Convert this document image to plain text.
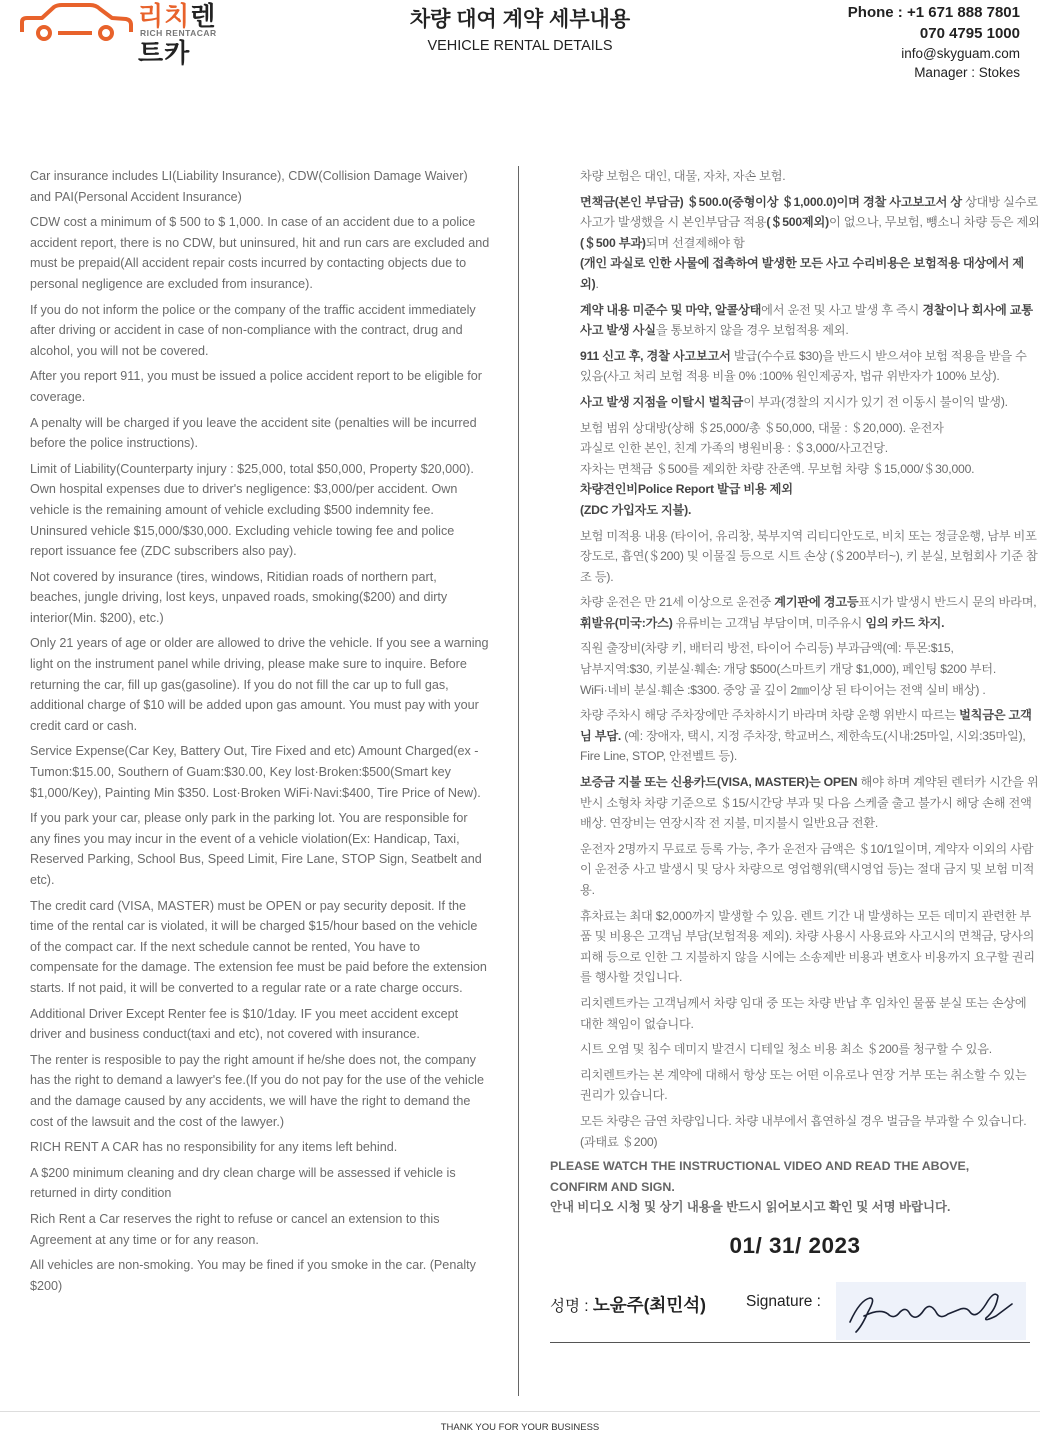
리치렌트카
RICH RENTACAR
차량 대여 계약 세부내용
VEHICLE RENTAL DETAILS
Phone : +1 671 888 7801
070 4795 1000
info@skyguam.com
Manager : Stokes

Car insurance includes LI(Liability Insurance), CDW(Collision Damage Waiver) and PAI(Personal Accident Insurance)

CDW cost a minimum of $ 500 to $ 1,000. In case of an accident due to a police accident report, there is no CDW, but uninsured, hit and run cars are excluded and must be prepaid(All accident repair costs incurred by contacting objects due to personal negligence are excluded from insurance).

If you do not inform the police or the company of the traffic accident immediately after driving or accident in case of non-compliance with the contract, drug and alcohol, you will not be covered.

After you report 911, you must be issued a police accident report to be eligible for coverage.

A penalty will be charged if you leave the accident site (penalties will be incurred before the police instructions).

Limit of Liability(Counterparty injury : $25,000, total $50,000, Property $20,000). Own hospital expenses due to driver's negligence: $3,000/per accident. Own vehicle is the remaining amount of vehicle excluding $500 indemnity fee. Uninsured vehicle $15,000/$30,000. Excluding vehicle towing fee and police report issuance fee (ZDC subscribers also pay).

Not covered by insurance (tires, windows, Ritidian roads of northern part, beaches, jungle driving, lost keys, unpaved roads, smoking($200) and dirty interior(Min. $200), etc.)

Only 21 years of age or older are allowed to drive the vehicle. If you see a warning light on the instrument panel while driving, please make sure to inquire. Before returning the car, fill up gas(gasoline). If you do not fill the car up to full gas, additional charge of $10 will be added upon gas amount. You must pay with your credit card or cash.

Service Expense(Car Key, Battery Out, Tire Fixed and etc) Amount Charged(ex - Tumon:$15.00, Southern of Guam:$30.00, Key lost·Broken:$500(Smart key $1,000/Key), Painting Min $350. Lost·Broken WiFi·Navi:$400, Tire Price of New).

If you park your car, please only park in the parking lot. You are responsible for any fines you may incur in the event of a vehicle violation(Ex: Handicap, Taxi, Reserved Parking, School Bus, Speed Limit, Fire Lane, STOP Sign, Seatbelt and etc).

The credit card (VISA, MASTER) must be OPEN or pay security deposit. If the time of the rental car is violated, it will be charged $15/hour based on the vehicle of the compact car. If the next schedule cannot be rented, You have to compensate for the damage. The extension fee must be paid before the extension starts. If not paid, it will be converted to a regular rate or a rate charge occurs.

Additional Driver Except Renter fee is $10/1day. IF you meet accident except driver and business conduct(taxi and etc), not covered with insurance.

The renter is resposible to pay the right amount if he/she does not, the company has the right to demand a lawyer's fee.(If you do not pay for the use of the vehicle and the damage caused by any accidents, we will have the right to demand the cost of the lawsuit and the cost of the lawyer.)

RICH RENT A CAR has no responsibility for any items left behind.

A $200 minimum cleaning and dry clean charge will be assessed if vehicle is returned in dirty condition

Rich Rent a Car reserves the right to refuse or cancel an extension to this Agreement at any time or for any reason.

All vehicles are non-smoking. You may be fined if you smoke in the car. (Penalty $200)

차량 보험은 대인, 대물, 자차, 자손 보험.

면책금(본인 부담금) ＄500.0(중형이상 ＄1,000.0)이며 경찰 사고보고서 상 상대방 실수로 사고가 발생했을 시 본인부담금 적용(＄500제외)이 없으나, 무보험, 뺑소니 차량 등은 제외(＄500 부과)되며 선결제해야 함
(개인 과실로 인한 사물에 접촉하여 발생한 모든 사고 수리비용은 보험적용 대상에서 제외).

계약 내용 미준수 및 마약, 알콜상태에서 운전 및 사고 발생 후 즉시 경찰이나 회사에 교통 사고 발생 사실을 통보하지 않을 경우 보험적용 제외.

911 신고 후, 경찰 사고보고서 발급(수수료 $30)을 반드시 받으셔야 보험 적용을 받을 수 있음(사고 처리 보험 적용 비율 0% :100% 원인제공자, 법규 위반자가 100% 보상).

사고 발생 지점을 이탈시 벌칙금이 부과(경찰의 지시가 있기 전 이동시 불이익 발생).

보험 범위 상대방(상해 ＄25,000/총 ＄50,000, 대물 : ＄20,000). 운전자
과실로 인한 본인, 친계 가족의 병원비용 : ＄3,000/사고건당.
자차는 면책금 ＄500를 제외한 차량 잔존액. 무보험 차량 ＄15,000/＄30,000.
차량견인비Police Report 발급 비용 제외
(ZDC 가입자도 지불).

보험 미적용 내용 (타이어, 유리창, 북부지역 리티디안도로, 비치 또는 정글운행, 남부 비포장도로, 흡연(＄200) 및 이물질 등으로 시트 손상 (＄200부터~), 키 분실, 보험회사 기준 참조 등).

차량 운전은 만 21세 이상으로 운전중 계기판에 경고등표시가 발생시 반드시 문의 바라며, 휘발유(미국:가스) 유류비는 고객님 부담이며, 미주유시 임의 카드 차지.

직원 출장비(차량 키, 배터리 방전, 타이어 수리등) 부과금액(예: 투몬:$15,
남부지역:$30, 키분실·훼손: 개당 $500(스마트키 개당 $1,000), 페인팅 $200 부터.
WiFi·네비 분실·훼손 :$300. 중앙 골 깊이 2㎜이상 된 타이어는 전액 실비 배상) .

차량 주차시 해당 주차장에만 주차하시기 바라며 차량 운행 위반시 따르는 벌칙금은 고객님 부담. (예: 장애자, 택시, 지정 주차장, 학교버스, 제한속도(시내:25마일, 시외:35마일), Fire Line, STOP, 안전벨트 등).

보증금 지불 또는 신용카드(VISA, MASTER)는 OPEN 해야 하며 계약된 렌터카 시간을 위반시 소형차 차량 기준으로 ＄15/시간당 부과 및 다음 스케줄 출고 불가시 해당 손해 전액 배상. 연장비는 연장시작 전 지불, 미지불시 일반요금 전환.

운전자 2명까지 무료로 등록 가능, 추가 운전자 금액은 ＄10/1일이며, 계약자 이외의 사람이 운전중 사고 발생시 및 당사 차량으로 영업행위(택시영업 등)는 절대 금지 및 보험 미적용.

휴차료는 최대 $2,000까지 발생할 수 있음. 렌트 기간 내 발생하는 모든 데미지 관련한 부품 및 비용은 고객님 부담(보험적용 제외). 차량 사용시 사용료와 사고시의 면책금, 당사의 피해 등으로 인한 그 지불하지 않을 시에는 소송제반 비용과 변호사 비용까지 요구할 권리를 행사할 것입니다.

리치렌트카는 고객님께서 차량 임대 중 또는 차량 반납 후 임차인 물품 분실 또는 손상에 대한 책임이 없습니다.

시트 오염 및 침수 데미지 발견시 디테일 청소 비용 최소 ＄200를 청구할 수 있음.

리치렌트카는 본 계약에 대해서 항상 또는 어떤 이유로나 연장 거부 또는 취소할 수 있는 권리가 있습니다.

모든 차량은 금연 차량입니다. 차량 내부에서 흡연하실 경우 벌금을 부과할 수 있습니다. (과태료 ＄200)

PLEASE WATCH THE INSTRUCTIONAL VIDEO AND READ THE ABOVE,
CONFIRM AND SIGN.
안내 비디오 시청 및 상기 내용을 반드시 읽어보시고 확인 및 서명 바랍니다.
01/ 31/ 2023
성명 : 노윤주(최민석)	Signature :
THANK YOU FOR YOUR BUSINESS
